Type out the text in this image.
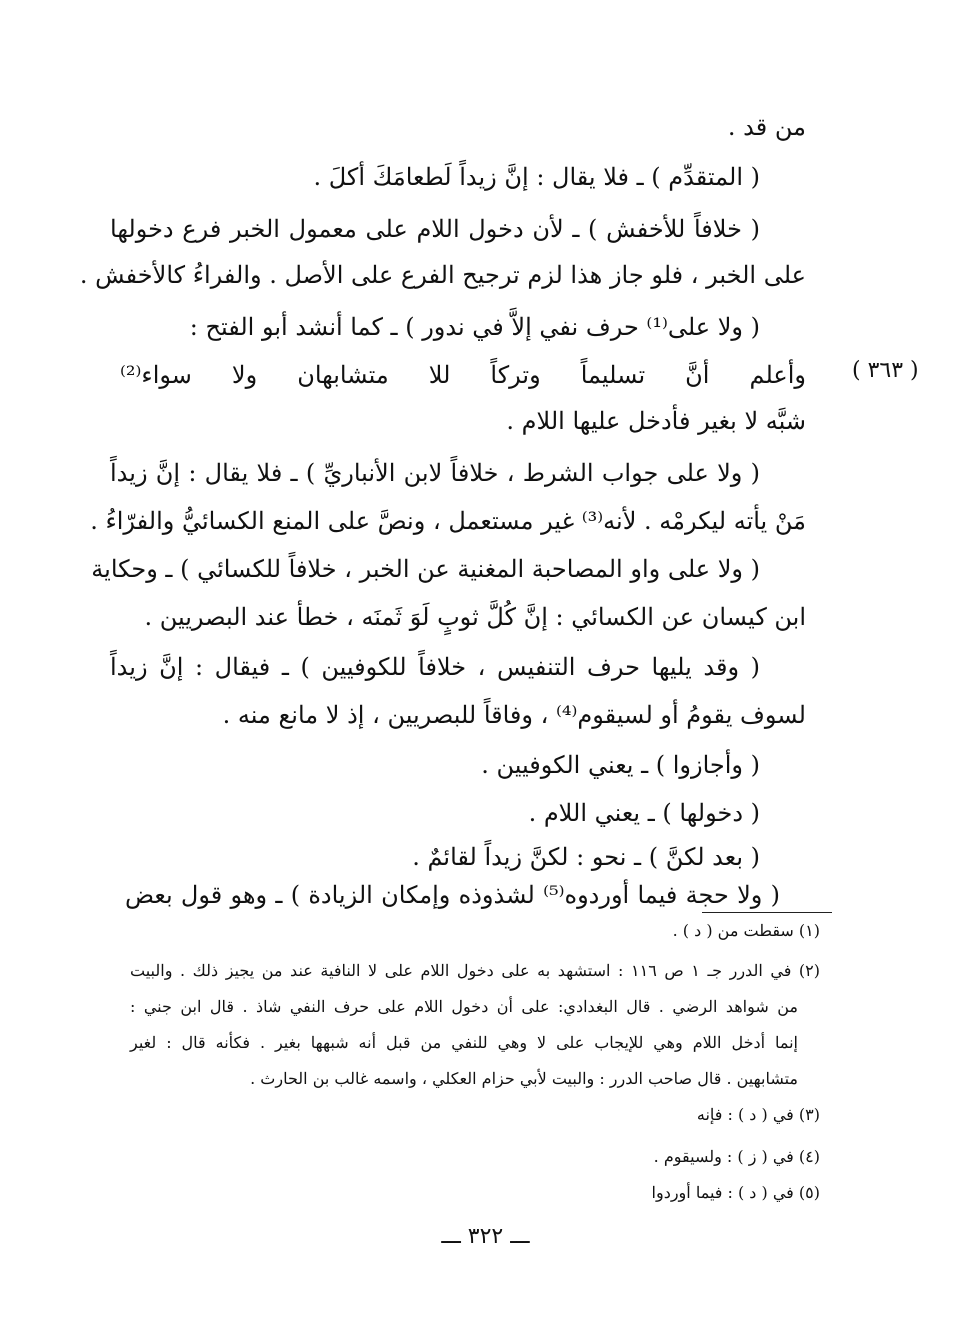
( ٣٦٣ )
من قد .
( المتقدِّم ) ـ فلا يقال : إنَّ زيداً لَطعامَكَ أكلَ .
( خلافاً للأخفش ) ـ لأن دخول اللام على معمول الخبر فرع دخولها
على الخبر ، فلو جاز هذا لزم ترجيح الفرع على الأصل . والفراءُ كالأخفش .
( ولا على⁽¹⁾ حرف نفي إلاَّ في ندور ) ـ كما أنشد أبو الفتح :
وأعلم أنَّ تسليماً وتركاً للا متشابهان ولا سواء⁽²⁾
شبَّه لا بغير فأدخل عليها اللام .
( ولا على جواب الشرط ، خلافاً لابن الأنباريِّ ) ـ فلا يقال : إنَّ زيداً
مَنْ يأته ليكرمْه . لأنه⁽³⁾ غير مستعمل ، ونصَّ على المنع الكسائيُّ والفرّاءُ .
( ولا على واو المصاحبة المغنية عن الخبر ، خلافاً للكسائي ) ـ وحكاية
ابن كيسان عن الكسائي : إنَّ كُلَّ ثوبٍ لَوَ ثَمنَه ، خطأ عند البصريين .
( وقد يليها حرف التنفيس ، خلافاً للكوفيين ) ـ فيقال : إنَّ زيداً
لسوف يقومُ أو لسيقوم⁽⁴⁾ ، وفاقاً للبصريين ، إذ لا مانع منه .
( وأجازوا ) ـ يعني الكوفيين .
( دخولها ) ـ يعني اللام .
( بعد لكنَّ ) ـ نحو : لكنَّ زيداً لقائمٌ .
( ولا حجة فيما أوردوه⁽⁵⁾ لشذوذه وإمكان الزيادة ) ـ وهو قول بعض
(١) سقطت من ( د ) .
(٢) في الدرر جـ ١ ص ١١٦ : استشهد به على دخول اللام على لا النافية عند من يجيز ذلك . والبيت
من شواهد الرضي . قال البغدادي: على أن دخول اللام على حرف النفي شاذ . قال ابن جني :
إنما أدخل اللام وهي للإيجاب على لا وهي للنفي من قبل أنه شبهها بغير . فكأنه قال : لغير
متشابهين . قال صاحب الدرر : والبيت لأبي حزام العكلي ، واسمه غالب بن الحارث .
(٣) في ( د ) : فإنه
(٤) في ( ز ) : ولسيقوم .
(٥) في ( د ) : فيما أوردوا
ـــ ٣٢٢ ـــ
